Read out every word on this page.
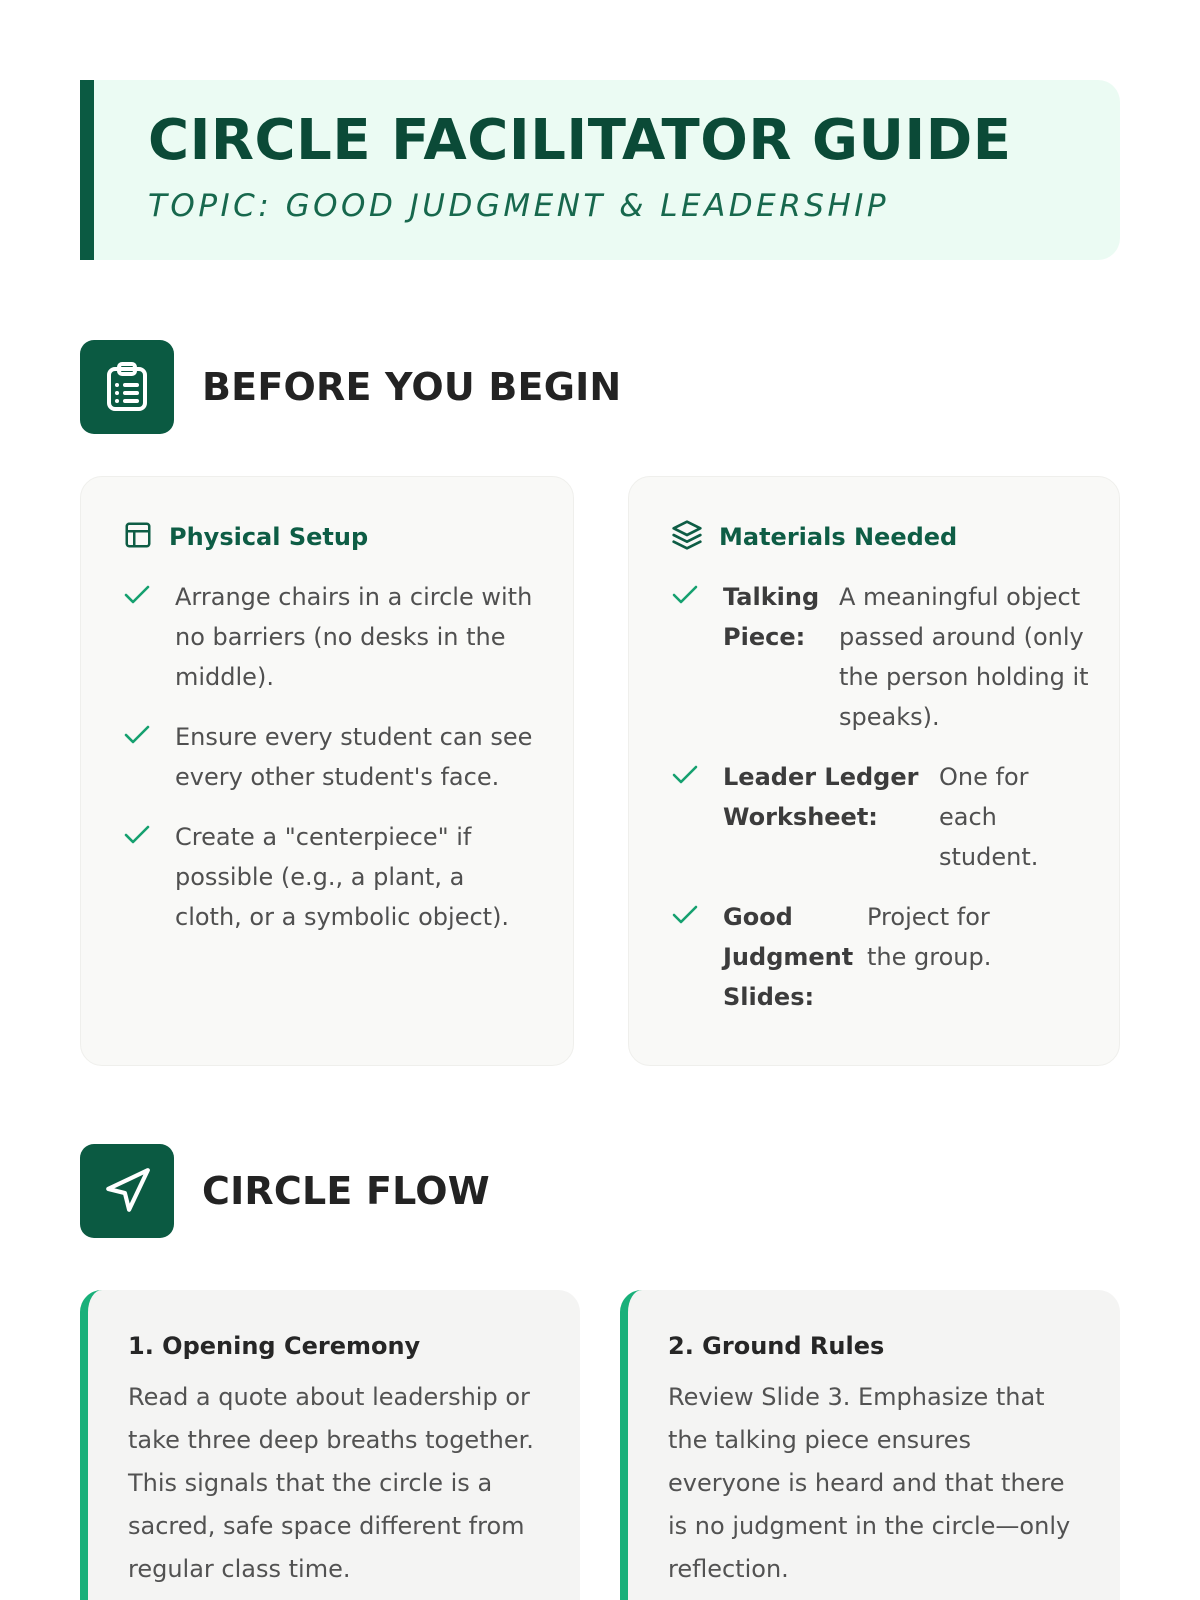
CIRCLE FACILITATOR GUIDE
TOPIC: GOOD JUDGMENT & LEADERSHIP
BEFORE YOU BEGIN
Physical Setup
Arrange chairs in a circle with no barriers (no desks in the middle).
Ensure every student can see every other student's face.
Create a "centerpiece" if possible (e.g., a plant, a cloth, or a symbolic object).
Materials Needed
Talking Piece:
A meaningful object passed around (only the person holding it speaks).
Leader Ledger Worksheet:
One for each student.
Good Judgment Slides:
Project for the group.
CIRCLE FLOW
1. Opening Ceremony
Read a quote about leadership or take three deep breaths together. This signals that the circle is a sacred, safe space different from regular class time.
2. Ground Rules
Review Slide 3. Emphasize that the talking piece ensures everyone is heard and that there is no judgment in the circle—only reflection.
